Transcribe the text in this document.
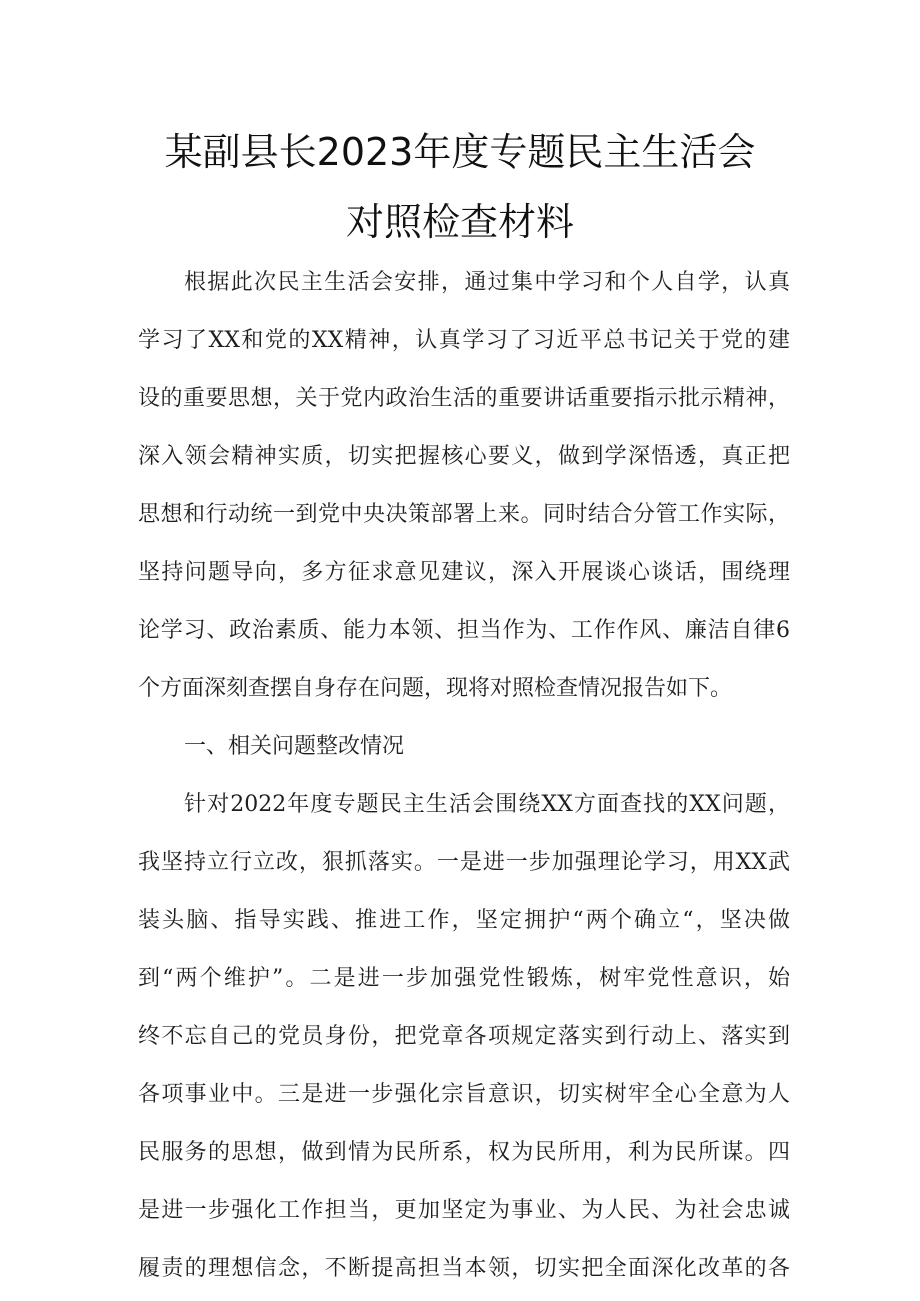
某副县长2023年度专题民主生活会
对照检查材料

根据此次民主生活会安排，通过集中学习和个人自学，认真

学习了XX和党的XX精神，认真学习了习近平总书记关于党的建

设的重要思想，关于党内政治生活的重要讲话重要指示批示精神，

深入领会精神实质，切实把握核心要义，做到学深悟透，真正把

思想和行动统一到党中央决策部署上来。同时结合分管工作实际，

坚持问题导向，多方征求意见建议，深入开展谈心谈话，围绕理

论学习、政治素质、能力本领、担当作为、工作作风、廉洁自律6

个方面深刻查摆自身存在问题，现将对照检查情况报告如下。

一、相关问题整改情况

针对2022年度专题民主生活会围绕XX方面查找的XX问题，

我坚持立行立改，狠抓落实。一是进一步加强理论学习，用XX武

装头脑、指导实践、推进工作，坚定拥护“两个确立“，坚决做

到“两个维护”。二是进一步加强党性锻炼，树牢党性意识，始

终不忘自己的党员身份，把党章各项规定落实到行动上、落实到

各项事业中。三是进一步强化宗旨意识，切实树牢全心全意为人

民服务的思想，做到情为民所系，权为民所用，利为民所谋。四

是进一步强化工作担当，更加坚定为事业、为人民、为社会忠诚

履责的理想信念，不断提高担当本领，切实把全面深化改革的各
